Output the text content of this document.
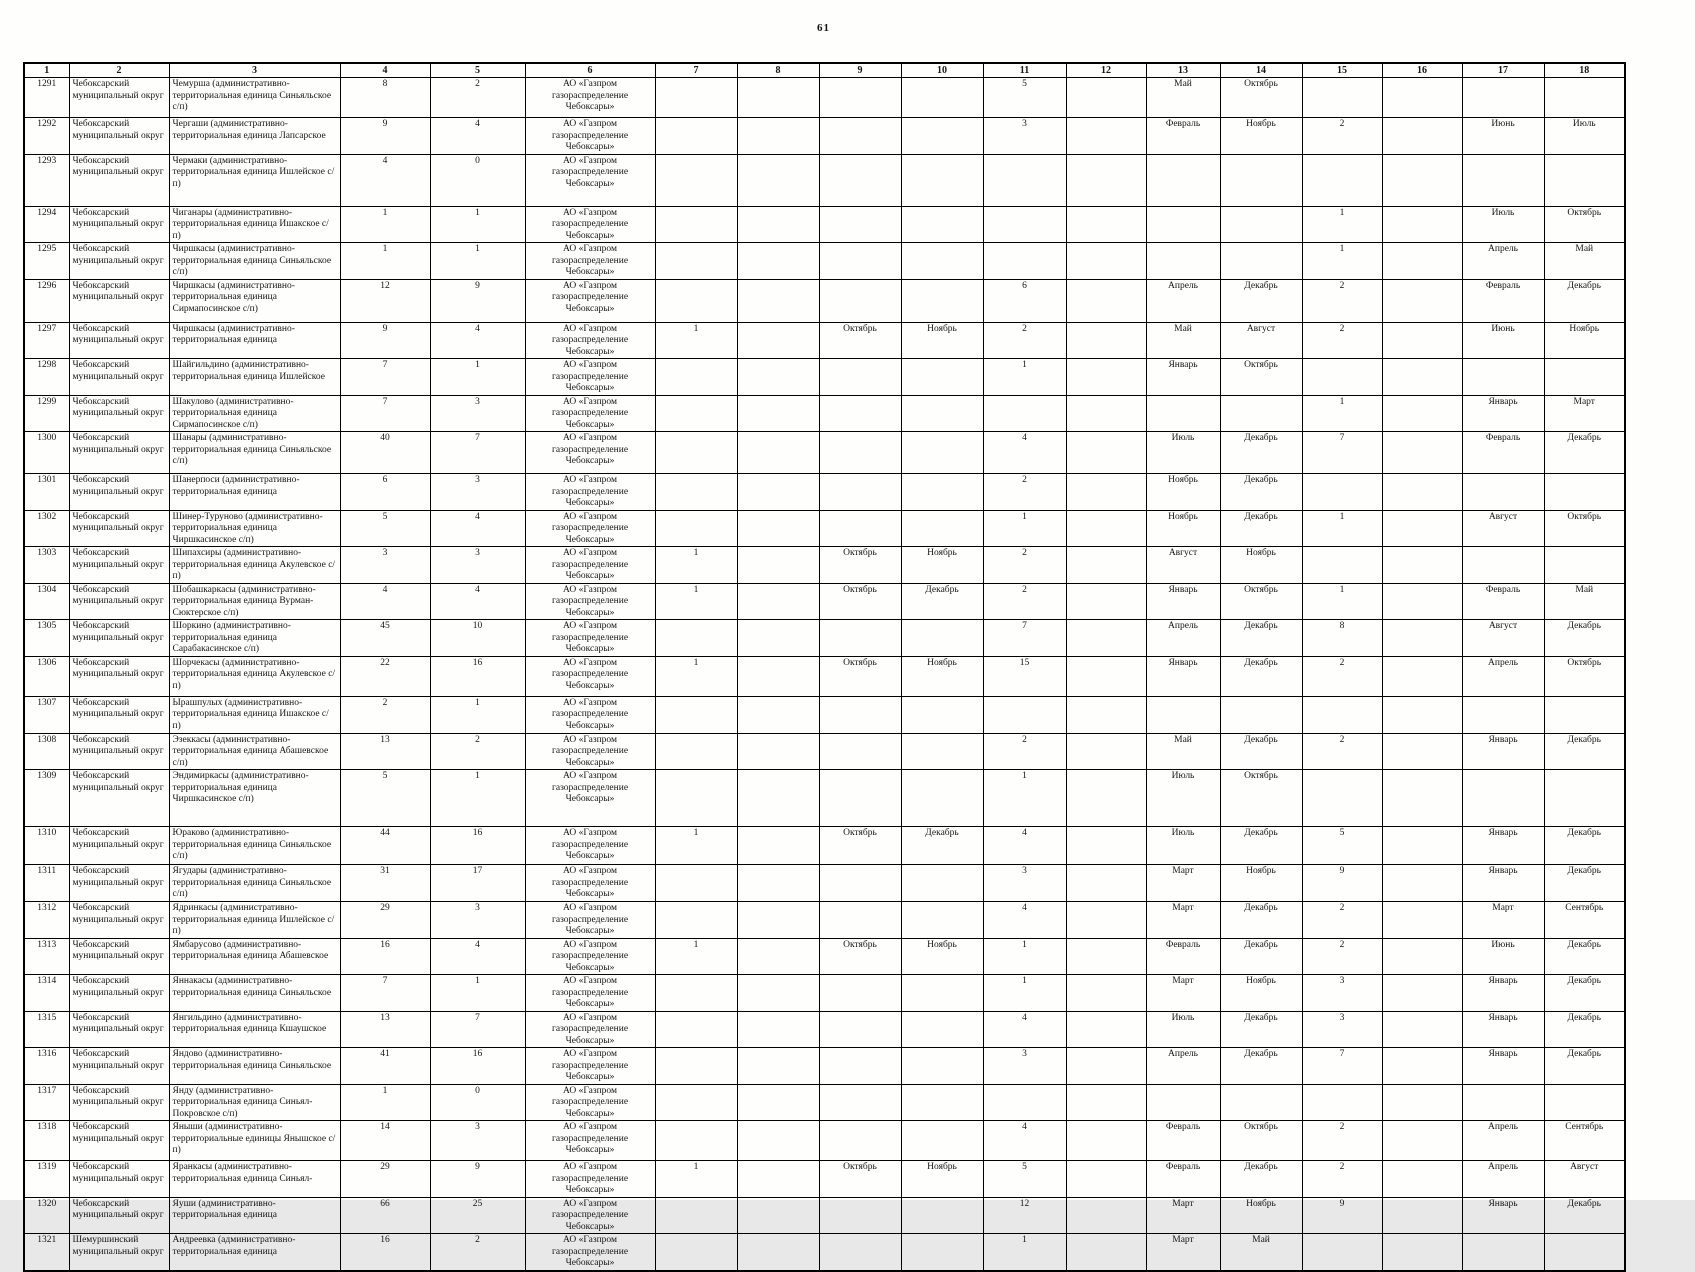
61
1	2	3	4	5	6	7	8	9	10	11	12	13	14	15	16	17	18
1291	Чебоксарский муниципальный округ	Чемурша (административно-территориальная единица Синьяльское с/п)	8	2	АО «Газпром газораспределение Чебоксары»					5		Май	Октябрь				
1292	Чебоксарский муниципальный округ	Чергаши (административно-территориальная единица Лапсарское	9	4	АО «Газпром газораспределение Чебоксары»					3		Февраль	Ноябрь	2		Июнь	Июль
1293	Чебоксарский муниципальный округ	Чермаки (административно-территориальная единица Ишлейское с/п)	4	0	АО «Газпром газораспределение Чебоксары»												
1294	Чебоксарский муниципальный округ	Чиганары (административно-территориальная единица Ишакское с/п)	1	1	АО «Газпром газораспределение Чебоксары»									1		Июль	Октябрь
1295	Чебоксарский муниципальный округ	Чиршкасы (административно-территориальная единица Синьяльское с/п)	1	1	АО «Газпром газораспределение Чебоксары»									1		Апрель	Май
1296	Чебоксарский муниципальный округ	Чиршкасы (административно-территориальная единица Сирмапосинское с/п)	12	9	АО «Газпром газораспределение Чебоксары»					6		Апрель	Декабрь	2		Февраль	Декабрь
1297	Чебоксарский муниципальный округ	Чиршкасы (административно-территориальная единица	9	4	АО «Газпром газораспределение Чебоксары»	1		Октябрь	Ноябрь	2		Май	Август	2		Июнь	Ноябрь
1298	Чебоксарский муниципальный округ	Шайгильдино (административно-территориальная единица Ишлейское	7	1	АО «Газпром газораспределение Чебоксары»					1		Январь	Октябрь				
1299	Чебоксарский муниципальный округ	Шакулово (административно-территориальная единица Сирмапосинское с/п)	7	3	АО «Газпром газораспределение Чебоксары»									1		Январь	Март
1300	Чебоксарский муниципальный округ	Шанары (административно-территориальная единица Синьяльское с/п)	40	7	АО «Газпром газораспределение Чебоксары»					4		Июль	Декабрь	7		Февраль	Декабрь
1301	Чебоксарский муниципальный округ	Шанерпоси (административно-территориальная единица	6	3	АО «Газпром газораспределение Чебоксары»					2		Ноябрь	Декабрь				
1302	Чебоксарский муниципальный округ	Шинер-Туруново (административно-территориальная единица Чиршкасинское с/п)	5	4	АО «Газпром газораспределение Чебоксары»					1		Ноябрь	Декабрь	1		Август	Октябрь
1303	Чебоксарский муниципальный округ	Шипахсиры (административно-территориальная единица Акулевское с/п)	3	3	АО «Газпром газораспределение Чебоксары»	1		Октябрь	Ноябрь	2		Август	Ноябрь				
1304	Чебоксарский муниципальный округ	Шобашкаркасы (административно-территориальная единица Вурман-Сюктерское с/п)	4	4	АО «Газпром газораспределение Чебоксары»	1		Октябрь	Декабрь	2		Январь	Октябрь	1		Февраль	Май
1305	Чебоксарский муниципальный округ	Шоркино (административно-территориальная единица Сарабакасинское с/п)	45	10	АО «Газпром газораспределение Чебоксары»					7		Апрель	Декабрь	8		Август	Декабрь
1306	Чебоксарский муниципальный округ	Шорчекасы (административно-территориальная единица Акулевское с/п)	22	16	АО «Газпром газораспределение Чебоксары»	1		Октябрь	Ноябрь	15		Январь	Декабрь	2		Апрель	Октябрь
1307	Чебоксарский муниципальный округ	Ырашпулых (административно-территориальная единица Ишакское с/п)	2	1	АО «Газпром газораспределение Чебоксары»												
1308	Чебоксарский муниципальный округ	Эзеккасы (административно-территориальная единица Абашевское с/п)	13	2	АО «Газпром газораспределение Чебоксары»					2		Май	Декабрь	2		Январь	Декабрь
1309	Чебоксарский муниципальный округ	Эндимиркасы (административно-территориальная единица Чиршкасинское с/п)	5	1	АО «Газпром газораспределение Чебоксары»					1		Июль	Октябрь				
1310	Чебоксарский муниципальный округ	Юраково (административно-территориальная единица Синьяльское с/п)	44	16	АО «Газпром газораспределение Чебоксары»	1		Октябрь	Декабрь	4		Июль	Декабрь	5		Январь	Декабрь
1311	Чебоксарский муниципальный округ	Ягудары (административно-территориальная единица Синьяльское с/п)	31	17	АО «Газпром газораспределение Чебоксары»					3		Март	Ноябрь	9		Январь	Декабрь
1312	Чебоксарский муниципальный округ	Ядринкасы (административно-территориальная единица Ишлейское с/п)	29	3	АО «Газпром газораспределение Чебоксары»					4		Март	Декабрь	2		Март	Сентябрь
1313	Чебоксарский муниципальный округ	Ямбарусово (административно-территориальная единица Абашевское	16	4	АО «Газпром газораспределение Чебоксары»	1		Октябрь	Ноябрь	1		Февраль	Декабрь	2		Июнь	Декабрь
1314	Чебоксарский муниципальный округ	Яннакасы (административно-территориальная единица Синьяльское	7	1	АО «Газпром газораспределение Чебоксары»					1		Март	Ноябрь	3		Январь	Декабрь
1315	Чебоксарский муниципальный округ	Янгильдино (административно-территориальная единица Кшаушское	13	7	АО «Газпром газораспределение Чебоксары»					4		Июль	Декабрь	3		Январь	Декабрь
1316	Чебоксарский муниципальный округ	Яндово (административно-территориальная единица Синьяльское	41	16	АО «Газпром газораспределение Чебоксары»					3		Апрель	Декабрь	7		Январь	Декабрь
1317	Чебоксарский муниципальный округ	Янду (административно-территориальная единица Синьял-Покровское с/п)	1	0	АО «Газпром газораспределение Чебоксары»												
1318	Чебоксарский муниципальный округ	Яныши (административно-территориальные единицы Янышское с/п)	14	3	АО «Газпром газораспределение Чебоксары»					4		Февраль	Октябрь	2		Апрель	Сентябрь
1319	Чебоксарский муниципальный округ	Яранкасы (административно-территориальная единица Синьял-	29	9	АО «Газпром газораспределение Чебоксары»	1		Октябрь	Ноябрь	5		Февраль	Декабрь	2		Апрель	Август
1320	Чебоксарский муниципальный округ	Яуши (административно-территориальная единица	66	25	АО «Газпром газораспределение Чебоксары»					12		Март	Ноябрь	9		Январь	Декабрь
1321	Шемуршинский муниципальный округ	Андреевка (административно-территориальная единица	16	2	АО «Газпром газораспределение Чебоксары»					1		Март	Май				
